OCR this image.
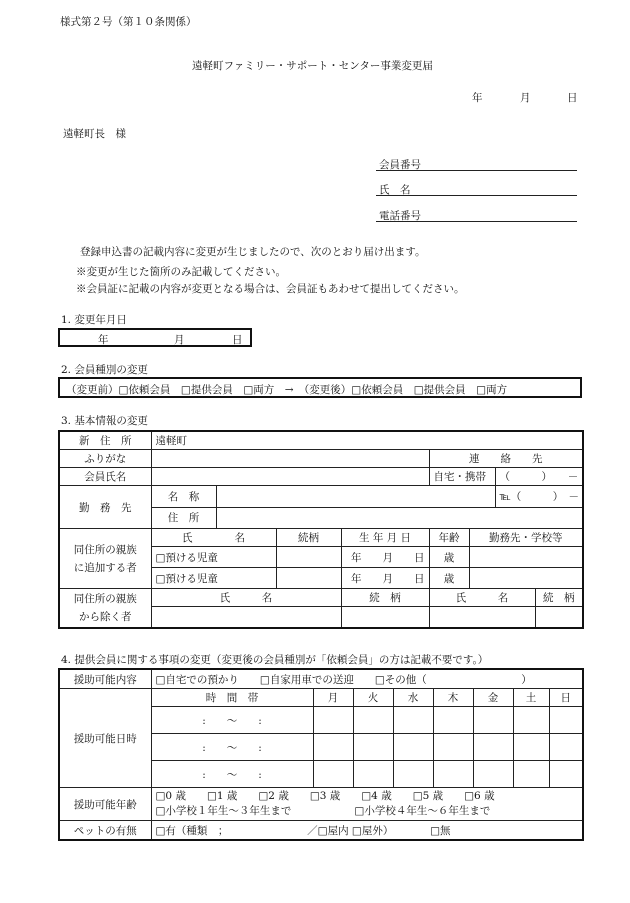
様式第２号（第１０条関係）
遠軽町ファミリー・サポート・センター事業変更届
年	月	日
遠軽町長　様
会員番号
氏　名
電話番号
登録申込書の記載内容に変更が生じましたので、次のとおり届け出ます。
※変更が生じた箇所のみ記載してください。
※会員証に記載の内容が変更となる場合は、会員証もあわせて提出してください。
1. 変更年月日
年	月	日
2. 会員種別の変更
（変更前）□依頼会員　□提供会員　□両方　→　（変更後）□依頼会員　□提供会員　□両方
3. 基本情報の変更
新　住　所	遠軽町							
ふりがな					連　　絡　　先			
会員氏名					自宅・携帯		（　　　）　　－	
勤　務　先	名　称						℡（　　　）　－	
	住　所							

同住所の親族
に追加する者	氏　　　　名		続柄	生 年 月 日	年齢	勤務先・学校等		
	□預ける児童			年　　月　　日	歳			
	□預ける児童			年　　月　　日	歳			

同住所の親族
から除く者	氏　　　名			続　柄	氏　　　名			続　柄

4. 提供会員に関する事項の変更（変更後の会員種別が「依頼会員」の方は記載不要です。）
援助可能内容	□自宅での預かり　　□自家用車での送迎　　□その他（　　　　　　　　　）							
援助可能日時	時　間　帯	月	火	水	木	金	土	日
	:　　～　　:							
	:　　～　　:							
	:　　～　　:							
援助可能年齢	□0 歳　　□1 歳　　□2 歳　　□3 歳　　□4 歳　　□5 歳　　□6 歳
□小学校１年生～３年生まで　　　　　　□小学校４年生～６年生まで							

ペットの有無	□有（種類　；　　　　　　　　／□屋内 □屋外）　　　　□無							
